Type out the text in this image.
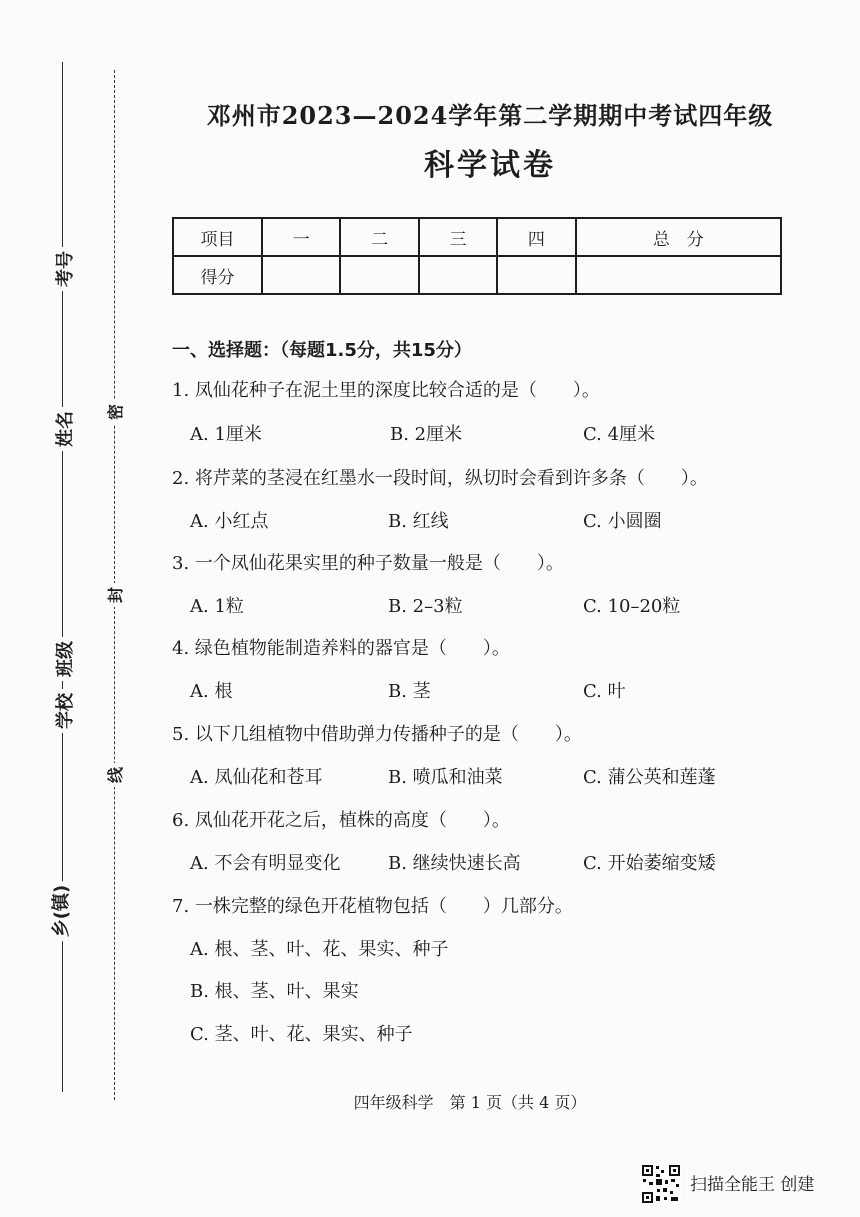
考号
姓名
班级
学校
乡(镇)
密
封
线
邓州市2023—2024学年第二学期期中考试四年级
科学试卷
项目	一	二	三	四	总　分
得分					
一、选择题：（每题1.5分，共15分）
1. 凤仙花种子在泥土里的深度比较合适的是（　　）。
A. 1厘米	B. 2厘米	C. 4厘米
2. 将芹菜的茎浸在红墨水一段时间，纵切时会看到许多条（　　）。
A. 小红点	B. 红线	C. 小圆圈
3. 一个凤仙花果实里的种子数量一般是（　　）。
A. 1粒	B. 2–3粒	C. 10–20粒
4. 绿色植物能制造养料的器官是（　　）。
A. 根	B. 茎	C. 叶
5. 以下几组植物中借助弹力传播种子的是（　　）。
A. 凤仙花和苍耳	B. 喷瓜和油菜	C. 蒲公英和莲蓬
6. 凤仙花开花之后，植株的高度（　　）。
A. 不会有明显变化	B. 继续快速长高	C. 开始萎缩变矮
7. 一株完整的绿色开花植物包括（　　）几部分。
A. 根、茎、叶、花、果实、种子
B. 根、茎、叶、果实
C. 茎、叶、花、果实、种子
四年级科学　第 1 页（共 4 页）
扫描全能王 创建
